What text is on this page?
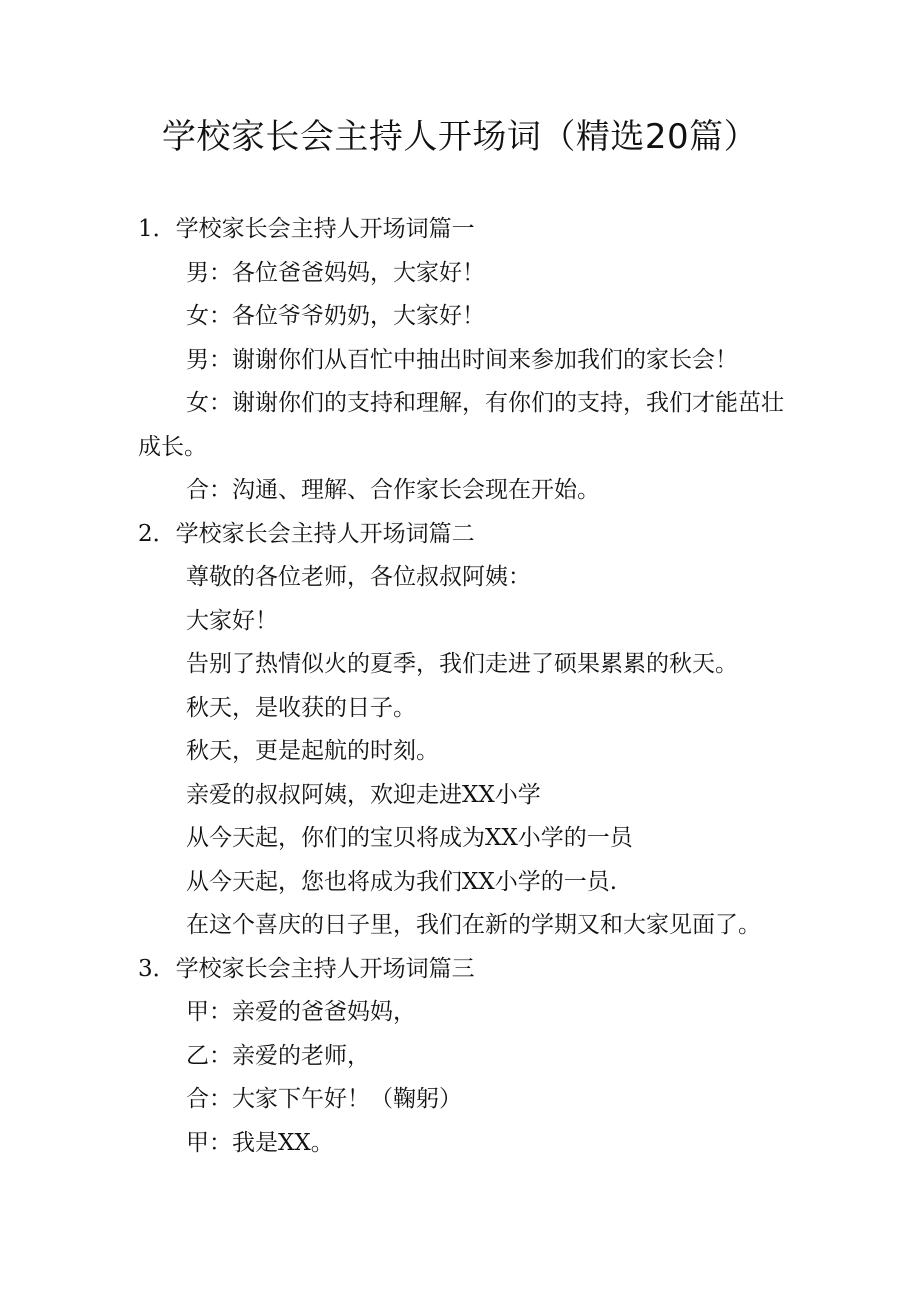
学校家长会主持人开场词（精选20篇）
1．学校家长会主持人开场词篇一
男：各位爸爸妈妈，大家好！
女：各位爷爷奶奶，大家好！
男：谢谢你们从百忙中抽出时间来参加我们的家长会！
女：谢谢你们的支持和理解，有你们的支持，我们才能茁壮成长。
合：沟通、理解、合作家长会现在开始。
2．学校家长会主持人开场词篇二
尊敬的各位老师，各位叔叔阿姨：
大家好！
告别了热情似火的夏季，我们走进了硕果累累的秋天。
秋天，是收获的日子。
秋天，更是起航的时刻。
亲爱的叔叔阿姨，欢迎走进XX小学
从今天起，你们的宝贝将成为XX小学的一员
从今天起，您也将成为我们XX小学的一员.
在这个喜庆的日子里，我们在新的学期又和大家见面了。
3．学校家长会主持人开场词篇三
甲：亲爱的爸爸妈妈，
乙：亲爱的老师，
合：大家下午好！（鞠躬）
甲：我是XX。
